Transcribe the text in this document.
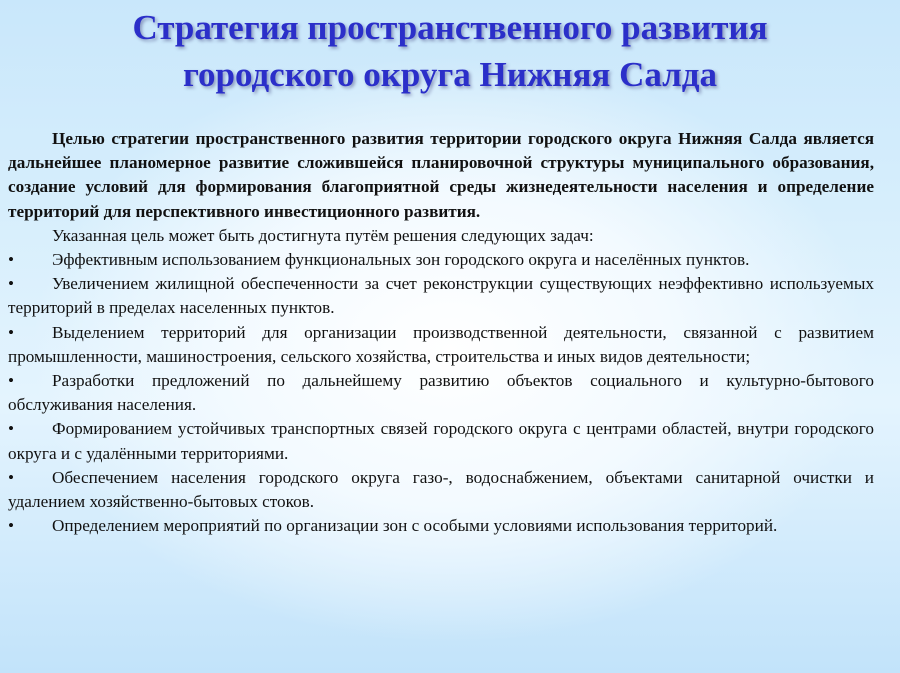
Стратегия пространственного развития
городского округа Нижняя Салда

Целью стратегии пространственного развития территории городского округа Нижняя Салда является дальнейшее планомерное развитие сложившейся планировочной структуры муниципального образования, создание условий для формирования благоприятной среды жизнедеятельности населения и определение территорий для перспективного инвестиционного развития.

Указанная цель может быть достигнута путём решения следующих задач:

•	Эффективным использованием функциональных зон городского округа и населённых пунктов.
•	Увеличением жилищной обеспеченности за счет реконструкции существующих неэффективно используемых территорий в пределах населенных пунктов.
•	Выделением территорий для организации производственной деятельности, связанной с развитием промышленности, машиностроения, сельского хозяйства, строительства и иных видов деятельности;
•	Разработки предложений по дальнейшему развитию объектов социального и культурно-бытового обслуживания населения.
•	Формированием устойчивых транспортных связей городского округа с центрами областей, внутри городского округа и с удалёнными территориями.
•	Обеспечением населения городского округа газо-, водоснабжением, объектами санитарной очистки и удалением хозяйственно-бытовых стоков.
•	Определением мероприятий по организации зон с особыми условиями использования территорий.
